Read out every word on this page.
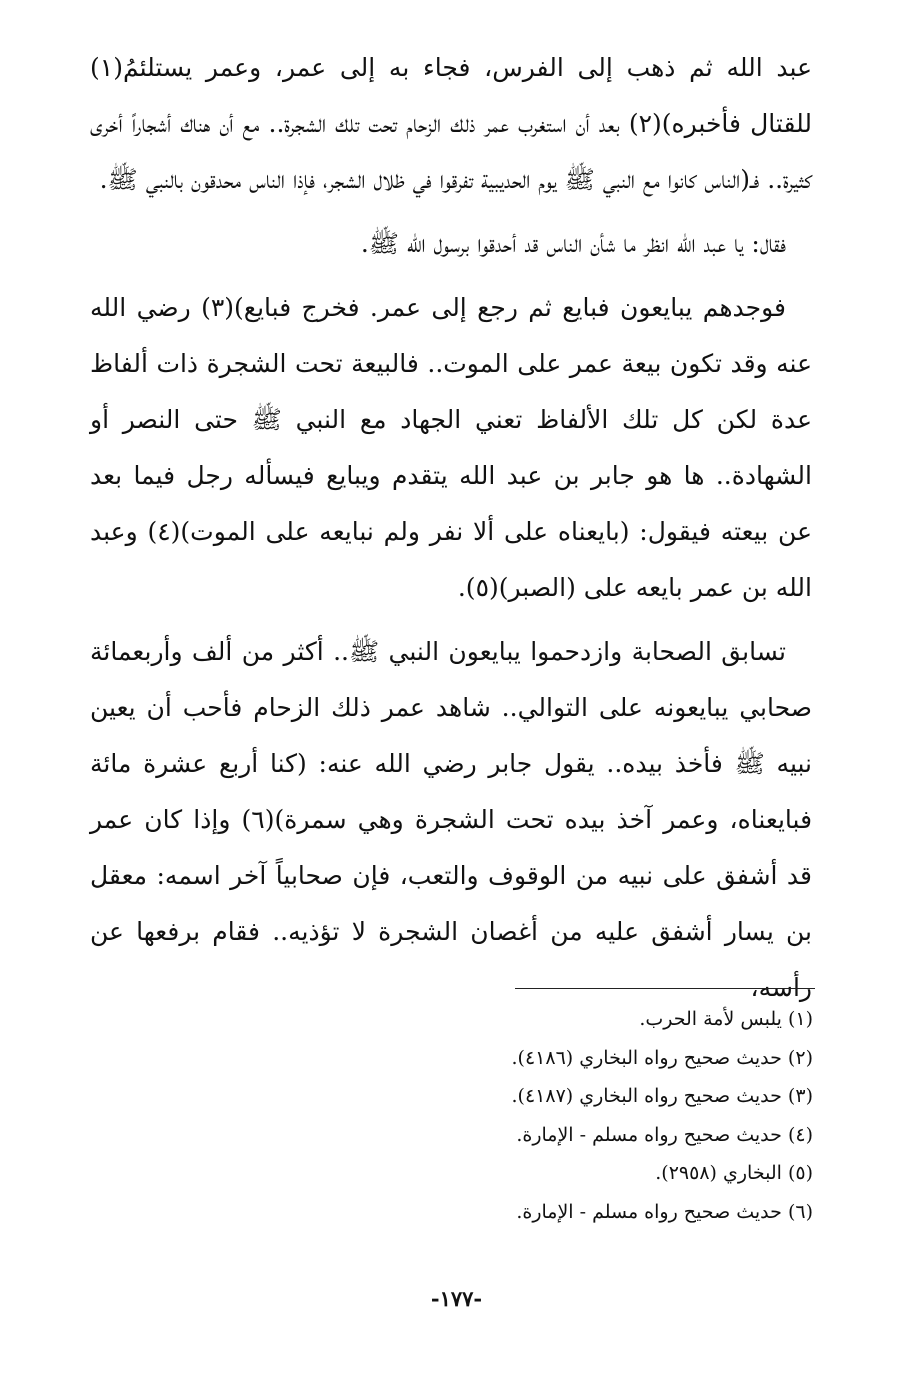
عبد الله ثم ذهب إلى الفرس، فجاء به إلى عمر، وعمر يستلئمُ(١) للقتال فأخبره)(٢) بعد أن استغرب عمر ذلك الزحام تحت تلك الشجرة.. مع أن هناك أشجاراً أخرى كثيرة.. فـ(الناس كانوا مع النبي ﷺ يوم الحديبية تفرقوا في ظلال الشجر، فإذا الناس محدقون بالنبي ﷺ.

فقال: يا عبد الله انظر ما شأن الناس قد أحدقوا برسول الله ﷺ.

فوجدهم يبايعون فبايع ثم رجع إلى عمر. فخرج فبايع)(٣) رضي الله عنه وقد تكون بيعة عمر على الموت.. فالبيعة تحت الشجرة ذات ألفاظ عدة لكن كل تلك الألفاظ تعني الجهاد مع النبي ﷺ حتى النصر أو الشهادة.. ها هو جابر بن عبد الله يتقدم ويبايع فيسأله رجل فيما بعد عن بيعته فيقول: (بايعناه على ألا نفر ولم نبايعه على الموت)(٤) وعبد الله بن عمر بايعه على (الصبر)(٥).

تسابق الصحابة وازدحموا يبايعون النبي ﷺ.. أكثر من ألف وأربعمائة صحابي يبايعونه على التوالي.. شاهد عمر ذلك الزحام فأحب أن يعين نبيه ﷺ فأخذ بيده.. يقول جابر رضي الله عنه: (كنا أربع عشرة مائة فبايعناه، وعمر آخذ بيده تحت الشجرة وهي سمرة)(٦) وإذا كان عمر قد أشفق على نبيه من الوقوف والتعب، فإن صحابياً آخر اسمه: معقل بن يسار أشفق عليه من أغصان الشجرة لا تؤذيه.. فقام برفعها عن رأسه،

(١) يلبس لأمة الحرب.
(٢) حديث صحيح رواه البخاري (٤١٨٦).
(٣) حديث صحيح رواه البخاري (٤١٨٧).
(٤) حديث صحيح رواه مسلم - الإمارة.
(٥) البخاري (٢٩٥٨).
(٦) حديث صحيح رواه مسلم - الإمارة.
-١٧٧-
